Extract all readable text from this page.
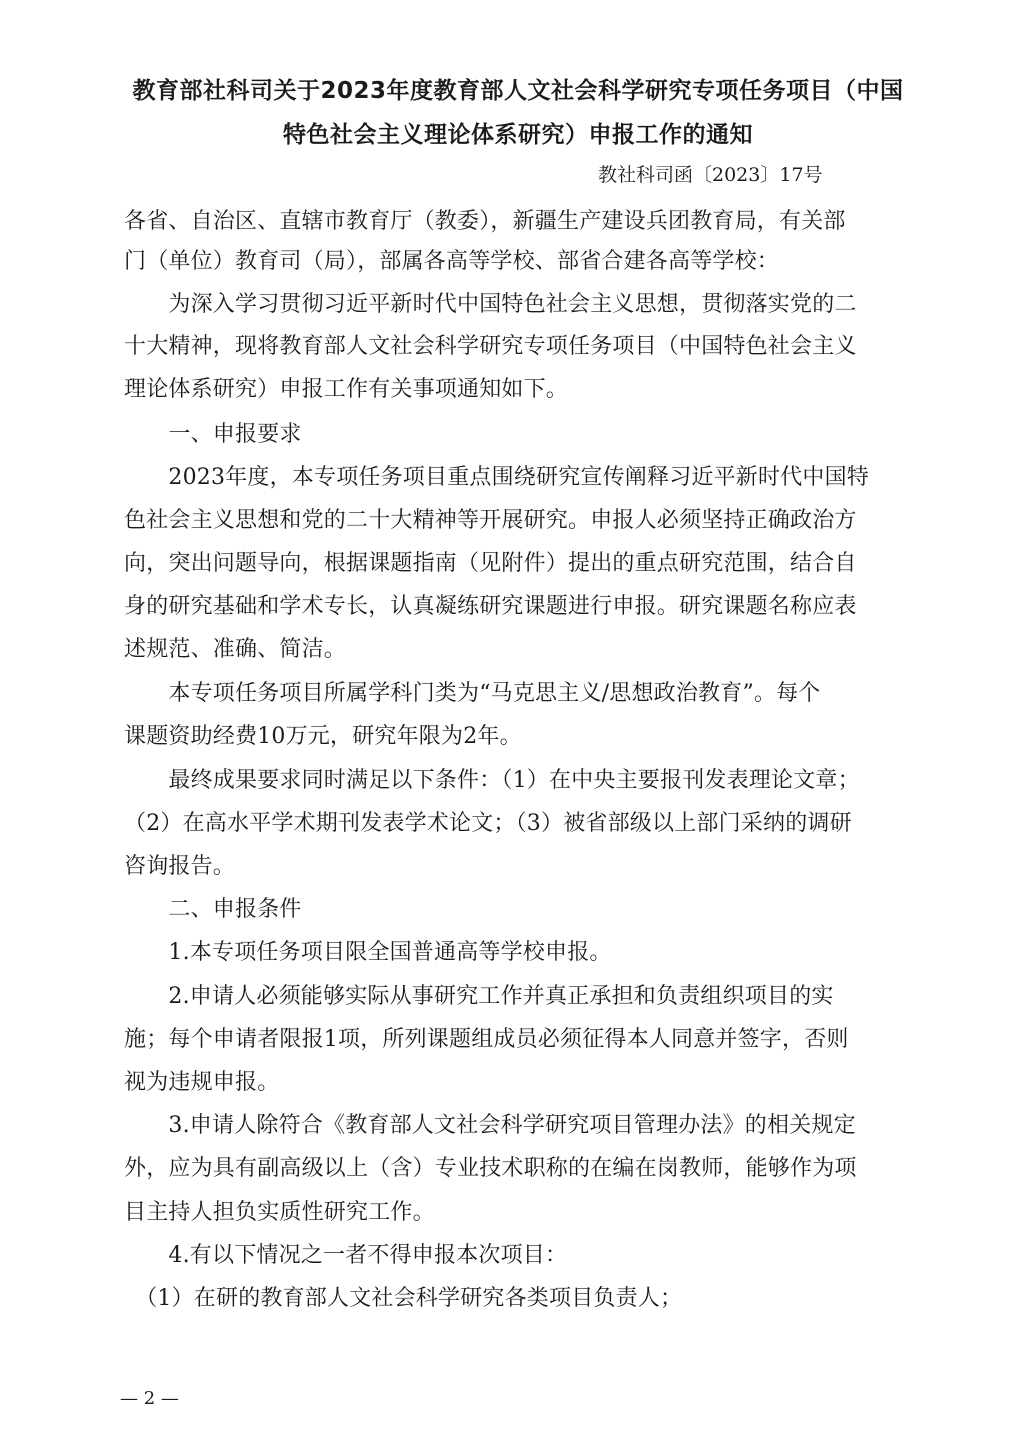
教育部社科司关于2023年度教育部人文社会科学研究专项任务项目（中国
特色社会主义理论体系研究）申报工作的通知
教社科司函〔2023〕17号
各省、自治区、直辖市教育厅（教委），新疆生产建设兵团教育局，有关部
门（单位）教育司（局），部属各高等学校、部省合建各高等学校：
　　为深入学习贯彻习近平新时代中国特色社会主义思想，贯彻落实党的二
十大精神，现将教育部人文社会科学研究专项任务项目（中国特色社会主义
理论体系研究）申报工作有关事项通知如下。
　　一、申报要求
　　2023年度，本专项任务项目重点围绕研究宣传阐释习近平新时代中国特
色社会主义思想和党的二十大精神等开展研究。申报人必须坚持正确政治方
向，突出问题导向，根据课题指南（见附件）提出的重点研究范围，结合自
身的研究基础和学术专长，认真凝练研究课题进行申报。研究课题名称应表
述规范、准确、简洁。
　　本专项任务项目所属学科门类为“马克思主义/思想政治教育”。每个
课题资助经费10万元，研究年限为2年。
　　最终成果要求同时满足以下条件：（1）在中央主要报刊发表理论文章；
（2）在高水平学术期刊发表学术论文；（3）被省部级以上部门采纳的调研
咨询报告。
　　二、申报条件
　　1.本专项任务项目限全国普通高等学校申报。
　　2.申请人必须能够实际从事研究工作并真正承担和负责组织项目的实
施；每个申请者限报1项，所列课题组成员必须征得本人同意并签字，否则
视为违规申报。
　　3.申请人除符合《教育部人文社会科学研究项目管理办法》的相关规定
外，应为具有副高级以上（含）专业技术职称的在编在岗教师，能够作为项
目主持人担负实质性研究工作。
　　4.有以下情况之一者不得申报本次项目：
　（1）在研的教育部人文社会科学研究各类项目负责人；
— 2 —
